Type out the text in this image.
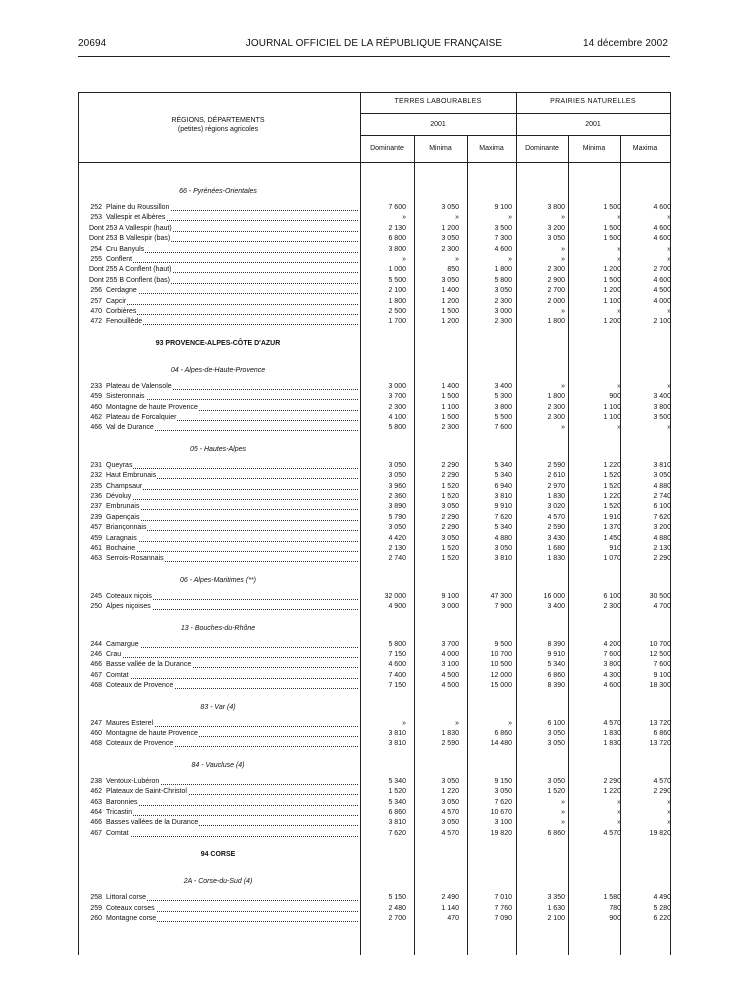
20694	JOURNAL OFFICIEL DE LA RÉPUBLIQUE FRANÇAISE	14 décembre 2002
RÉGIONS, DÉPARTEMENTS
(petites) régions agricoles
TERRES LABOURABLES	PRAIRIES NATURELLES
2001	2001
Dominante	Minima	Maxima	Dominante	Minima	Maxima
66 - Pyrénées-Orientales
252 Plaine du Roussillon	7 600	3 050	9 100	3 800	1 500	4 600
253 Vallespir et Albères	»	»	»	»	»	»
Dont 253 A Vallespir (haut)	2 130	1 200	3 500	3 200	1 500	4 600
Dont 253 B Vallespir (bas)	6 800	3 050	7 300	3 050	1 500	4 600
254 Cru Banyuls	3 800	2 300	4 600	»	»	»
255 Conflent	»	»	»	»	»	»
Dont 255 A Conflent (haut)	1 000	850	1 800	2 300	1 200	2 700
Dont 255 B Conflent (bas)	5 500	3 050	5 800	2 900	1 500	4 600
256 Cerdagne	2 100	1 400	3 050	2 700	1 200	4 500
257 Capcir	1 800	1 200	2 300	2 000	1 100	4 000
470 Corbières	2 500	1 500	3 000	»	»	»
472 Fenouillède	1 700	1 200	2 300	1 800	1 200	2 100
93 PROVENCE-ALPES-CÔTE D'AZUR
04 - Alpes-de-Haute-Provence
233 Plateau de Valensole	3 000	1 400	3 400	»	»	»
459 Sisteronnais	3 700	1 500	5 300	1 800	900	3 400
460 Montagne de haute Provence	2 300	1 100	3 800	2 300	1 100	3 800
462 Plateau de Forcalquier	4 100	1 500	5 500	2 300	1 100	3 500
466 Val de Durance	5 800	2 300	7 600	»	»	»
05 - Hautes-Alpes
231 Queyras	3 050	2 290	5 340	2 590	1 220	3 810
232 Haut Embrunais	3 050	2 290	5 340	2 610	1 520	3 050
235 Champsaur	3 960	1 520	6 940	2 970	1 520	4 880
236 Dévoluy	2 360	1 520	3 810	1 830	1 220	2 740
237 Embrunais	3 890	3 050	9 910	3 020	1 520	6 100
239 Gapençais	5 790	2 290	7 620	4 570	1 910	7 620
457 Briançonnais	3 050	2 290	5 340	2 590	1 370	3 200
459 Laragnais	4 420	3 050	4 880	3 430	1 450	4 880
461 Bochaine	2 130	1 520	3 050	1 680	910	2 130
463 Serrois-Rosannais	2 740	1 520	3 810	1 830	1 070	2 290
06 - Alpes-Maritimes (**)
245 Coteaux niçois	32 000	9 100	47 300	16 000	6 100	30 500
250 Alpes niçoises	4 900	3 000	7 900	3 400	2 300	4 700
13 - Bouches-du-Rhône
244 Camargue	5 800	3 700	9 500	8 390	4 200	10 700
246 Crau	7 150	4 000	10 700	9 910	7 600	12 500
466 Basse vallée de la Durance	4 600	3 100	10 500	5 340	3 800	7 600
467 Comtat	7 400	4 500	12 000	6 860	4 300	9 100
468 Coteaux de Provence	7 150	4 500	15 000	8 390	4 600	18 300
83 - Var (4)
247 Maures Esterel	»	»	»	6 100	4 570	13 720
460 Montagne de haute Provence	3 810	1 830	6 860	3 050	1 830	6 860
468 Coteaux de Provence	3 810	2 590	14 480	3 050	1 830	13 720
84 - Vaucluse (4)
238 Ventoux-Lubéron	5 340	3 050	9 150	3 050	2 290	4 570
462 Plateaux de Saint-Christol	1 520	1 220	3 050	1 520	1 220	2 290
463 Baronnies	5 340	3 050	7 620	»	»	»
464 Tricastin	6 860	4 570	10 670	»	»	»
466 Basses vallées de la Durance	3 810	3 050	3 100	»	»	»
467 Comtat	7 620	4 570	19 820	6 860	4 570	19 820
94 CORSE
2A - Corse-du-Sud (4)
258 Littoral corse	5 150	2 490	7 010	3 350	1 580	4 490
259 Coteaux corses	2 480	1 140	7 760	1 630	780	5 280
260 Montagne corse	2 700	470	7 090	2 100	900	6 220
